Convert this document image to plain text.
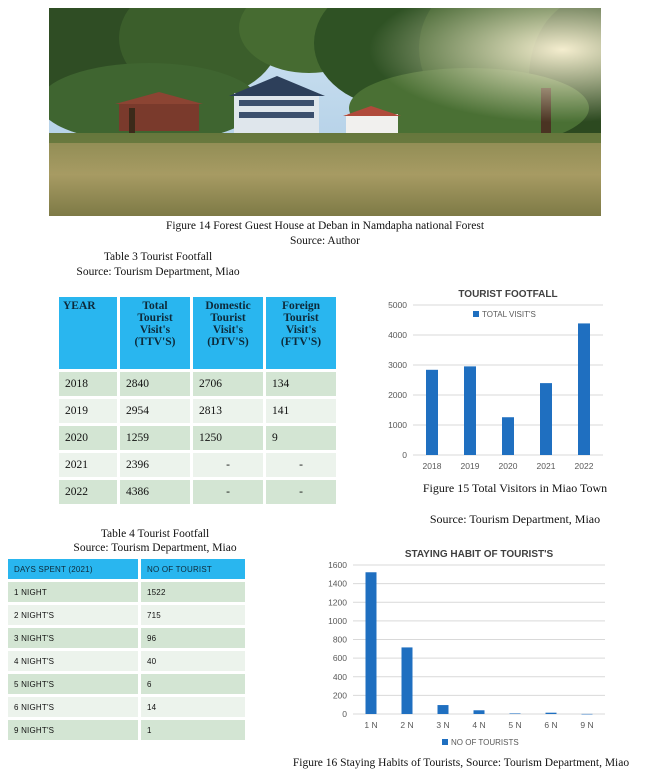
Figure 14 Forest Guest House at Deban in Namdapha national Forest
Source: Author
Table 3 Tourist Footfall
Source: Tourism Department, Miao
YEAR	Total Tourist Visit's (TTV'S)	Domestic Tourist Visit's (DTV'S)	Foreign Tourist Visit's (FTV'S)
2018	2840	2706	134
2019	2954	2813	141
2020	1259	1250	9
2021	2396	-	-
2022	4386	-	-
TOURIST FOOTFALL
0
1000
2000
3000
4000
5000
2018 2019 2020 2021 2022
TOTAL VISIT'S
Figure 15 Total Visitors in Miao Town
Source: Tourism Department, Miao
Table 4 Tourist Footfall
Source: Tourism Department, Miao
DAYS SPENT (2021)	NO OF TOURIST
1 NIGHT	1522
2 NIGHT'S	715
3 NIGHT'S	96
4 NIGHT'S	40
5 NIGHT'S	6
6 NIGHT'S	14
9 NIGHT'S	1
STAYING HABIT OF TOURIST'S
0
200
400
600
800
1000
1200
1400
1600
1 N	2 N	3 N	4 N	5 N	6 N	9 N
NO OF TOURISTS
Figure 16 Staying Habits of Tourists, Source: Tourism Department, Miao
